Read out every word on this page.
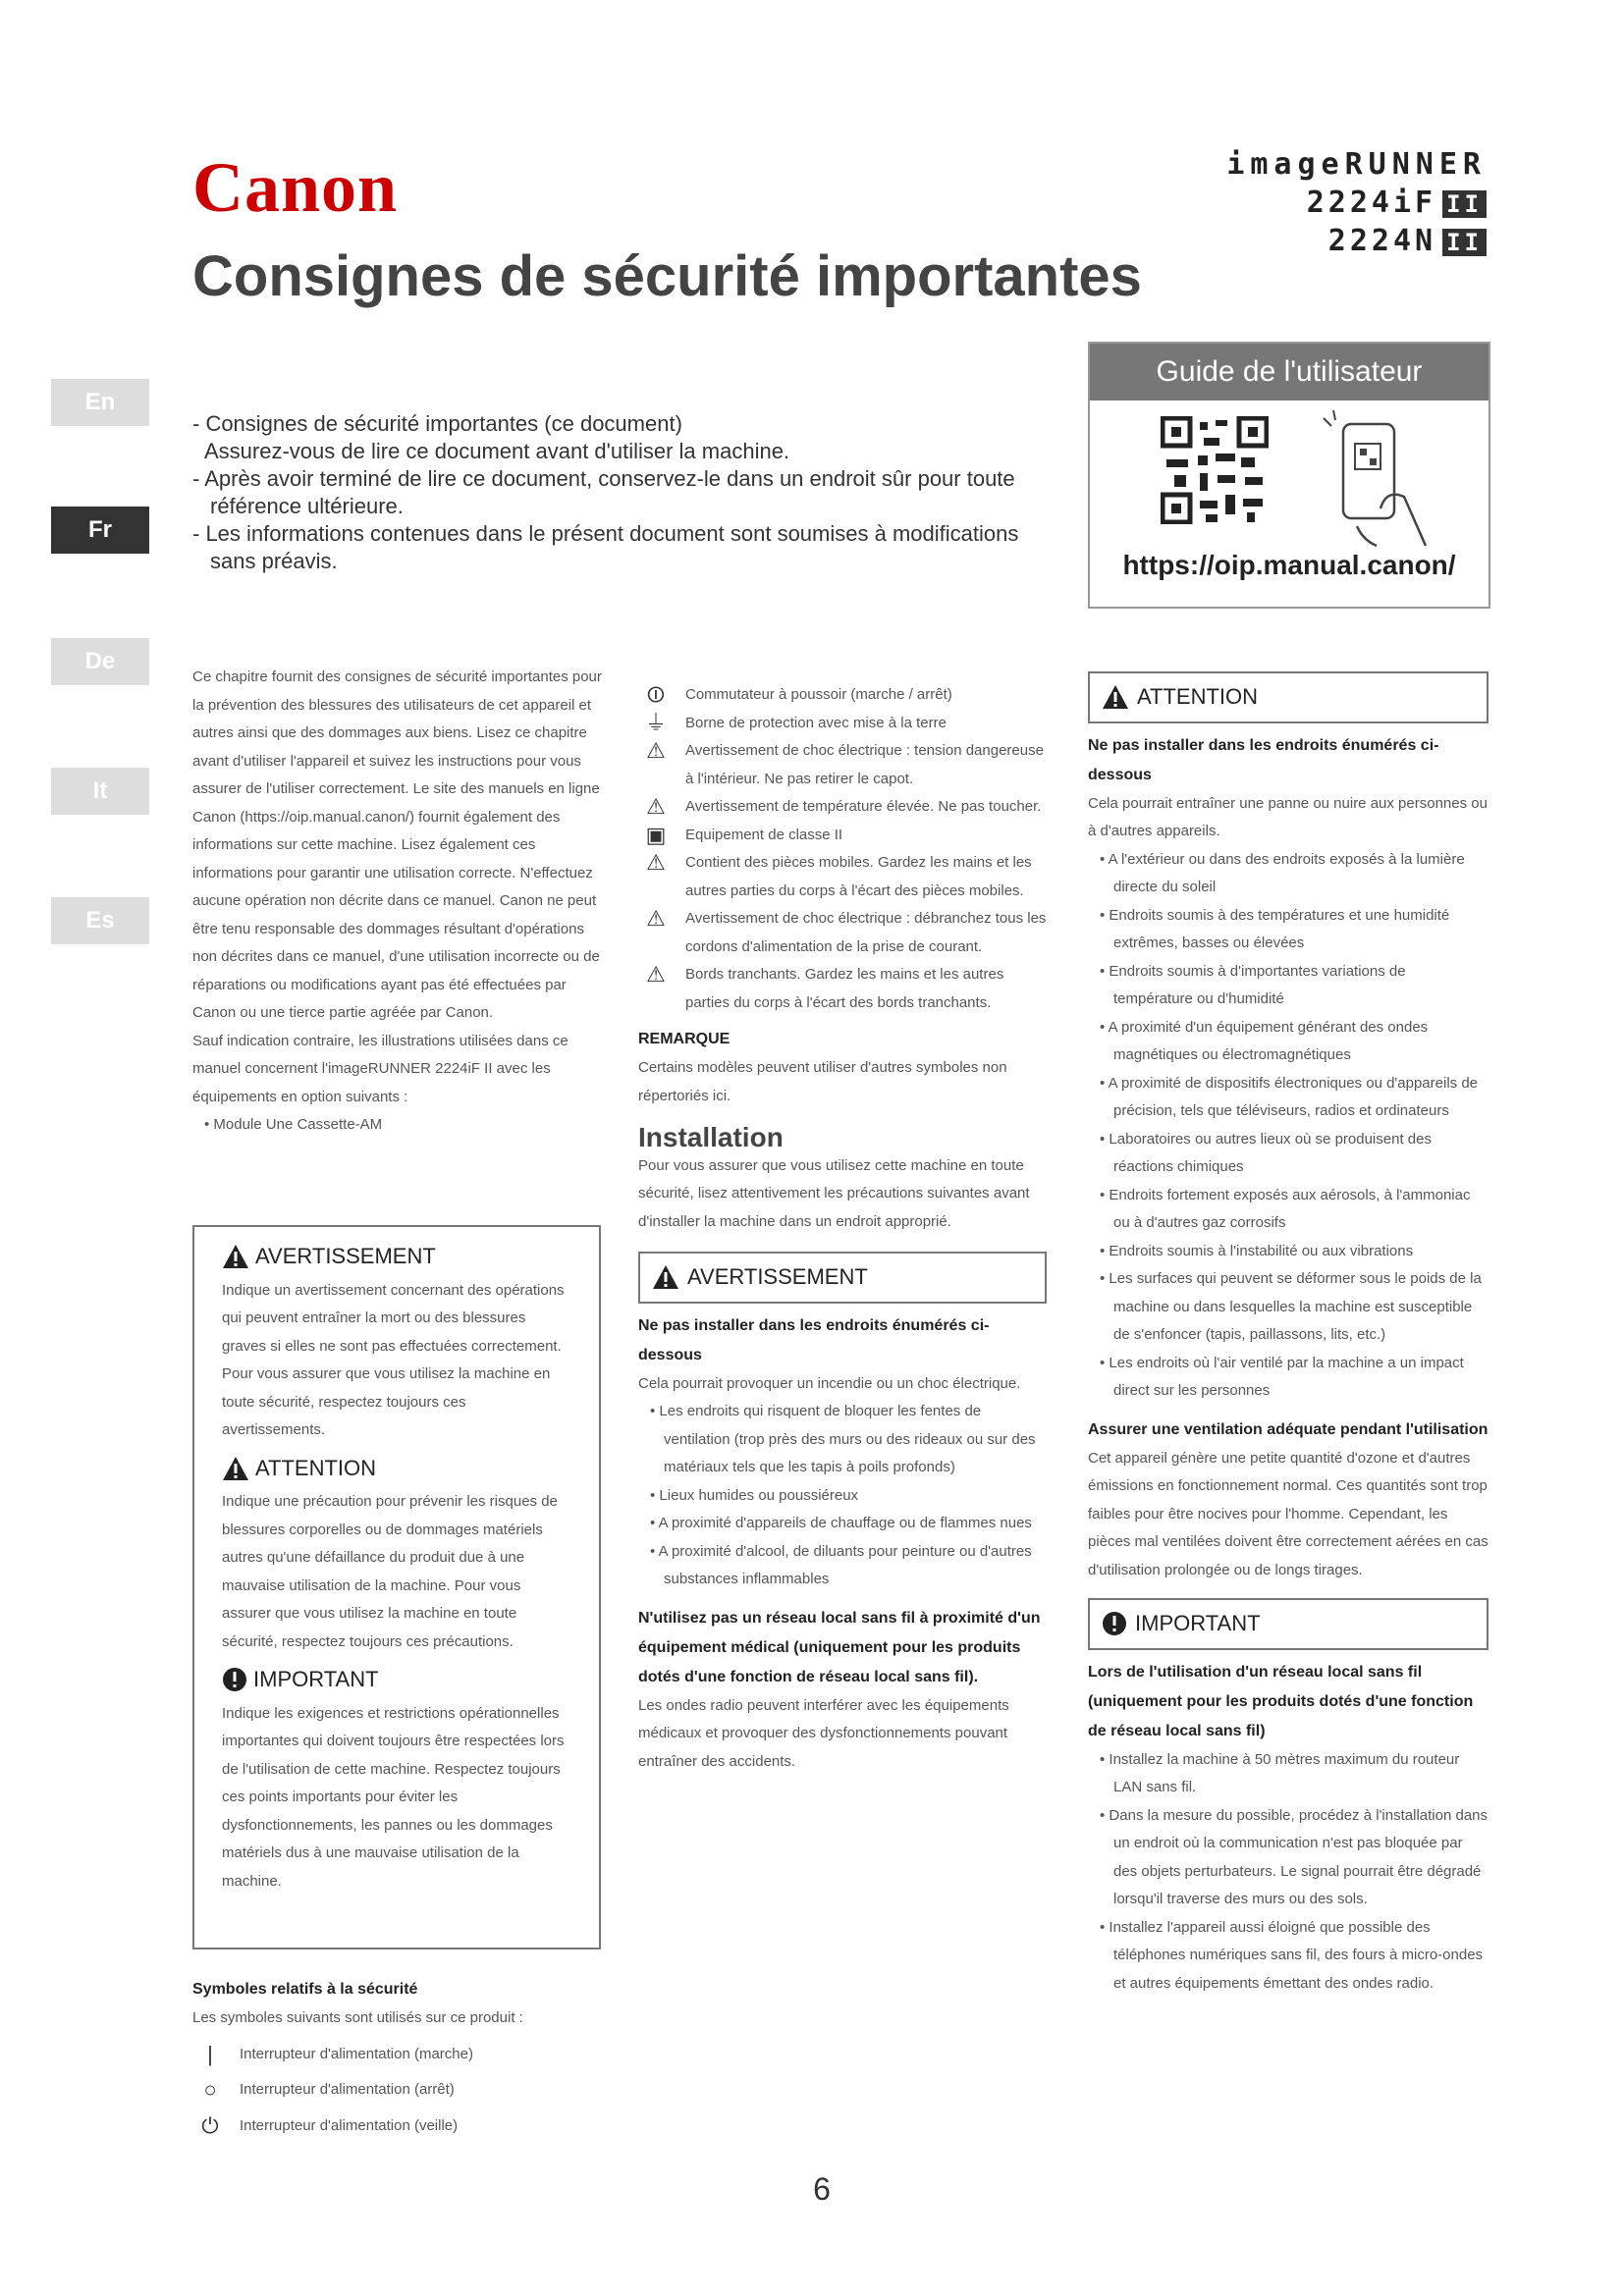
Canon	imageRUNNER
2224iF II
2224N II
Consignes de sécurité importantes
En
Fr
De
It
Es
- Consignes de sécurité importantes (ce document)
Assurez-vous de lire ce document avant d'utiliser la machine.
- Après avoir terminé de lire ce document, conservez-le dans un endroit sûr pour toute référence ultérieure.
- Les informations contenues dans le présent document sont soumises à modifications sans préavis.
Guide de l'utilisateur
https://oip.manual.canon/

Ce chapitre fournit des consignes de sécurité importantes pour la prévention des blessures des utilisateurs de cet appareil et autres ainsi que des dommages aux biens. Lisez ce chapitre avant d'utiliser l'appareil et suivez les instructions pour vous assurer de l'utiliser correctement. Le site des manuels en ligne Canon (https://oip.manual.canon/) fournit également des informations sur cette machine. Lisez également ces informations pour garantir une utilisation correcte. N'effectuez aucune opération non décrite dans ce manuel. Canon ne peut être tenu responsable des dommages résultant d'opérations non décrites dans ce manuel, d'une utilisation incorrecte ou de réparations ou modifications ayant pas été effectuées par Canon ou une tierce partie agréée par Canon.

Sauf indication contraire, les illustrations utilisées dans ce manuel concernent l'imageRUNNER 2224iF II avec les équipements en option suivants :

• Module Une Cassette-AM

AVERTISSEMENT

Indique un avertissement concernant des opérations qui peuvent entraîner la mort ou des blessures graves si elles ne sont pas effectuées correctement. Pour vous assurer que vous utilisez la machine en toute sécurité, respectez toujours ces avertissements.

ATTENTION

Indique une précaution pour prévenir les risques de blessures corporelles ou de dommages matériels autres qu'une défaillance du produit due à une mauvaise utilisation de la machine. Pour vous assurer que vous utilisez la machine en toute sécurité, respectez toujours ces précautions.

IMPORTANT

Indique les exigences et restrictions opérationnelles importantes qui doivent toujours être respectées lors de l'utilisation de cette machine. Respectez toujours ces points importants pour éviter les dysfonctionnements, les pannes ou les dommages matériels dus à une mauvaise utilisation de la machine.

Symboles relatifs à la sécurité

Les symboles suivants sont utilisés sur ce produit :

|	Interrupteur d'alimentation (marche)
○	Interrupteur d'alimentation (arrêt)
⏻	Interrupteur d'alimentation (veille)
⏼	Commutateur à poussoir (marche / arrêt)
⏚	Borne de protection avec mise à la terre
⚠	Avertissement de choc électrique : tension dangereuse à l'intérieur. Ne pas retirer le capot.
⚠	Avertissement de température élevée. Ne pas toucher.
▣	Equipement de classe II
⚠	Contient des pièces mobiles. Gardez les mains et les autres parties du corps à l'écart des pièces mobiles.
⚠	Avertissement de choc électrique : débranchez tous les cordons d'alimentation de la prise de courant.
⚠	Bords tranchants. Gardez les mains et les autres parties du corps à l'écart des bords tranchants.
REMARQUE

Certains modèles peuvent utiliser d'autres symboles non répertoriés ici.

Installation

Pour vous assurer que vous utilisez cette machine en toute sécurité, lisez attentivement les précautions suivantes avant d'installer la machine dans un endroit approprié.

AVERTISSEMENT
Ne pas installer dans les endroits énumérés ci-dessous

Cela pourrait provoquer un incendie ou un choc électrique.

• Les endroits qui risquent de bloquer les fentes de ventilation (trop près des murs ou des rideaux ou sur des matériaux tels que les tapis à poils profonds)

• Lieux humides ou poussiéreux

• A proximité d'appareils de chauffage ou de flammes nues

• A proximité d'alcool, de diluants pour peinture ou d'autres substances inflammables

N'utilisez pas un réseau local sans fil à proximité d'un équipement médical (uniquement pour les produits dotés d'une fonction de réseau local sans fil).

Les ondes radio peuvent interférer avec les équipements médicaux et provoquer des dysfonctionnements pouvant entraîner des accidents.

ATTENTION
Ne pas installer dans les endroits énumérés ci-dessous

Cela pourrait entraîner une panne ou nuire aux personnes ou à d'autres appareils.

• A l'extérieur ou dans des endroits exposés à la lumière directe du soleil

• Endroits soumis à des températures et une humidité extrêmes, basses ou élevées

• Endroits soumis à d'importantes variations de température ou d'humidité

• A proximité d'un équipement générant des ondes magnétiques ou électromagnétiques

• A proximité de dispositifs électroniques ou d'appareils de précision, tels que téléviseurs, radios et ordinateurs

• Laboratoires ou autres lieux où se produisent des réactions chimiques

• Endroits fortement exposés aux aérosols, à l'ammoniac ou à d'autres gaz corrosifs

• Endroits soumis à l'instabilité ou aux vibrations

• Les surfaces qui peuvent se déformer sous le poids de la machine ou dans lesquelles la machine est susceptible de s'enfoncer (tapis, paillassons, lits, etc.)

• Les endroits où l'air ventilé par la machine a un impact direct sur les personnes

Assurer une ventilation adéquate pendant l'utilisation

Cet appareil génère une petite quantité d'ozone et d'autres émissions en fonctionnement normal. Ces quantités sont trop faibles pour être nocives pour l'homme. Cependant, les pièces mal ventilées doivent être correctement aérées en cas d'utilisation prolongée ou de longs tirages.

IMPORTANT
Lors de l'utilisation d'un réseau local sans fil (uniquement pour les produits dotés d'une fonction de réseau local sans fil)

• Installez la machine à 50 mètres maximum du routeur LAN sans fil.

• Dans la mesure du possible, procédez à l'installation dans un endroit où la communication n'est pas bloquée par des objets perturbateurs. Le signal pourrait être dégradé lorsqu'il traverse des murs ou des sols.

• Installez l'appareil aussi éloigné que possible des téléphones numériques sans fil, des fours à micro-ondes et autres équipements émettant des ondes radio.

6
